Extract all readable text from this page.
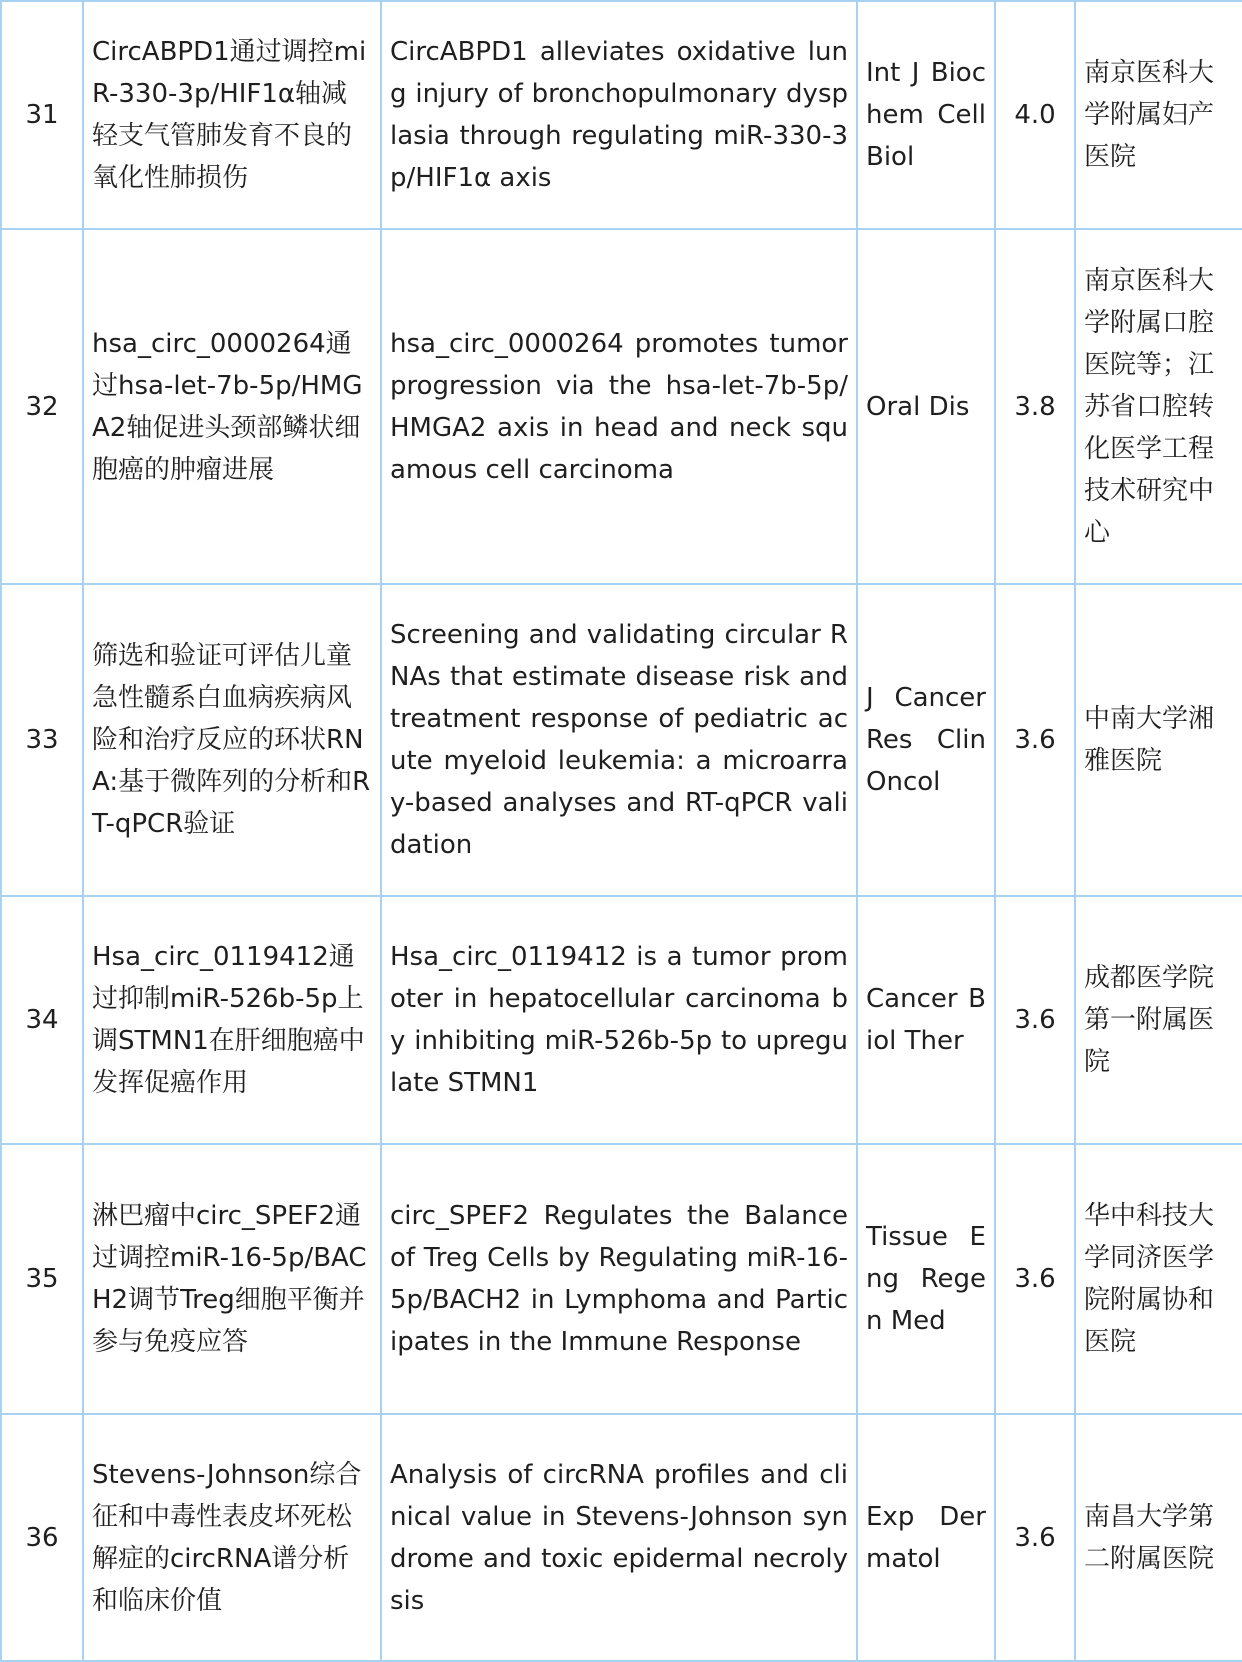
31	CircABPD1通过调控miR-330-3p/HIF1α轴减轻支气管肺发育不良的氧化性肺损伤	CircABPD1 alleviates oxidative lung injury of bronchopulmonary dysplasia through regulating miR-330-3p/HIF1α axis	Int J Biochem Cell Biol	4.0	南京医科大学附属妇产医院
32	hsa_circ_0000264通过hsa-let-7b-5p/HMGA2轴促进头颈部鳞状细胞癌的肿瘤进展	hsa_circ_0000264 promotes tumor progression via the hsa-let-7b-5p/HMGA2 axis in head and neck squamous cell carcinoma	Oral Dis	3.8	南京医科大学附属口腔医院等；江苏省口腔转化医学工程技术研究中心
33	筛选和验证可评估儿童急性髓系白血病疾病风险和治疗反应的环状RNA:基于微阵列的分析和RT-qPCR验证	Screening and validating circular RNAs that estimate disease risk and treatment response of pediatric acute myeloid leukemia: a microarray-based analyses and RT-qPCR validation	J Cancer Res Clin Oncol	3.6	中南大学湘雅医院
34	Hsa_circ_0119412通过抑制miR-526b-5p上调STMN1在肝细胞癌中发挥促癌作用	Hsa_circ_0119412 is a tumor promoter in hepatocellular carcinoma by inhibiting miR-526b-5p to upregulate STMN1	Cancer Biol Ther	3.6	成都医学院第一附属医院
35	淋巴瘤中circ_SPEF2通过调控miR-16-5p/BACH2调节Treg细胞平衡并参与免疫应答	circ_SPEF2 Regulates the Balance of Treg Cells by Regulating miR-16-5p/BACH2 in Lymphoma and Participates in the Immune Response	Tissue Eng Regen Med	3.6	华中科技大学同济医学院附属协和医院
36	Stevens-Johnson综合征和中毒性表皮坏死松解症的circRNA谱分析和临床价值	Analysis of circRNA profiles and clinical value in Stevens-Johnson syndrome and toxic epidermal necrolysis	Exp Dermatol	3.6	南昌大学第二附属医院
